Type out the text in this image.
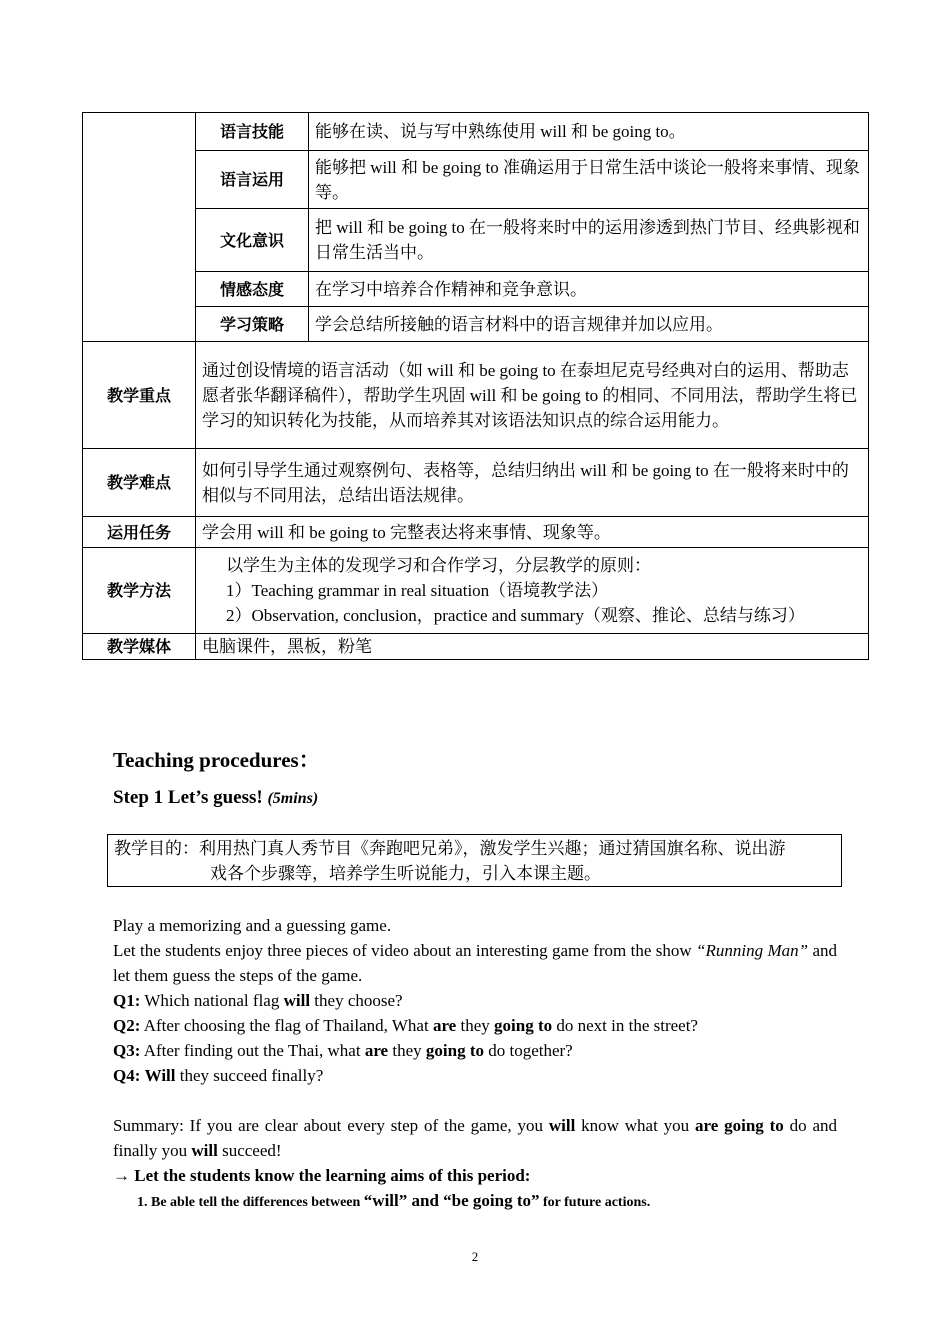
	语言技能	能够在读、说与写中熟练使用 will 和 be going to。
	语言运用	能够把 will 和 be going to 准确运用于日常生活中谈论一般将来事情、现象等。
	文化意识	把 will 和 be going to 在一般将来时中的运用渗透到热门节目、经典影视和日常生活当中。
	情感态度	在学习中培养合作精神和竞争意识。
	学习策略	学会总结所接触的语言材料中的语言规律并加以应用。
教学重点	通过创设情境的语言活动（如 will 和 be going to 在泰坦尼克号经典对白的运用、帮助志愿者张华翻译稿件），帮助学生巩固 will 和 be going to 的相同、不同用法，帮助学生将已学习的知识转化为技能，从而培养其对该语法知识点的综合运用能力。	
教学难点	如何引导学生通过观察例句、表格等，总结归纳出 will 和 be going to 在一般将来时中的相似与不同用法，总结出语法规律。	
运用任务	学会用 will 和 be going to 完整表达将来事情、现象等。	
教学方法	以学生为主体的发现学习和合作学习，分层教学的原则：
1）Teaching grammar in real situation（语境教学法）
2）Observation, conclusion，practice and summary（观察、推论、总结与练习）	

教学媒体	电脑课件，黑板，粉笔	
Teaching procedures：
Step 1 Let’s guess! (5mins)
教学目的：利用热门真人秀节目《奔跑吧兄弟》，激发学生兴趣；通过猜国旗名称、说出游
戏各个步骤等，培养学生听说能力，引入本课主题。

Play a memorizing and a guessing game.

Let the students enjoy three pieces of video about an interesting game from the show “Running Man” and let them guess the steps of the game.

Q1: Which national flag will they choose?

Q2: After choosing the flag of Thailand, What are they going to do next in the street?

Q3: After finding out the Thai, what are they going to do together?

Q4: Will they succeed finally?

Summary: If you are clear about every step of the game, you will know what you are going to do and finally you will succeed!

→ Let the students know the learning aims of this period:

1. Be able tell the differences between “will” and “be going to” for future actions.

2
